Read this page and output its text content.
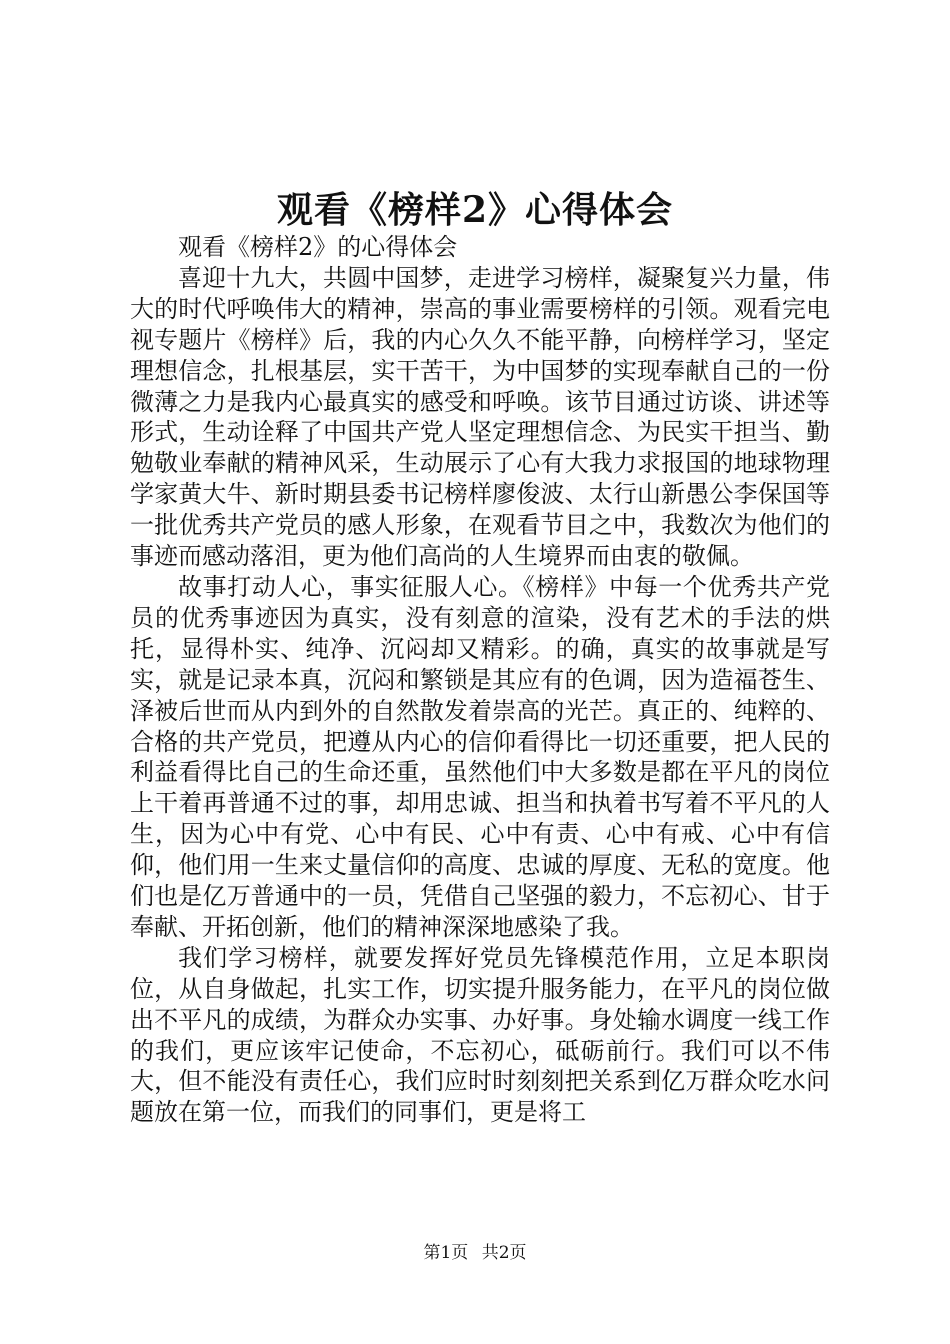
观看《榜样2》心得体会

观看《榜样2》的心得体会

喜迎十九大，共圆中国梦，走进学习榜样，凝聚复兴力量，伟大的时代呼唤伟大的精神，崇高的事业需要榜样的引领。观看完电视专题片《榜样》后，我的内心久久不能平静，向榜样学习，坚定理想信念，扎根基层，实干苦干，为中国梦的实现奉献自己的一份微薄之力是我内心最真实的感受和呼唤。该节目通过访谈、讲述等形式，生动诠释了中国共产党人坚定理想信念、为民实干担当、勤勉敬业奉献的精神风采，生动展示了心有大我力求报国的地球物理学家黄大牛、新时期县委书记榜样廖俊波、太行山新愚公李保国等一批优秀共产党员的感人形象，在观看节目之中，我数次为他们的事迹而感动落泪，更为他们高尚的人生境界而由衷的敬佩。

故事打动人心，事实征服人心。《榜样》中每一个优秀共产党员的优秀事迹因为真实，没有刻意的渲染，没有艺术的手法的烘托，显得朴实、纯净、沉闷却又精彩。的确，真实的故事就是写实，就是记录本真，沉闷和繁锁是其应有的色调，因为造福苍生、泽被后世而从内到外的自然散发着崇高的光芒。真正的、纯粹的、合格的共产党员，把遵从内心的信仰看得比一切还重要，把人民的利益看得比自己的生命还重，虽然他们中大多数是都在平凡的岗位上干着再普通不过的事，却用忠诚、担当和执着书写着不平凡的人生，因为心中有党、心中有民、心中有责、心中有戒、心中有信仰，他们用一生来丈量信仰的高度、忠诚的厚度、无私的宽度。他们也是亿万普通中的一员，凭借自己坚强的毅力，不忘初心、甘于奉献、开拓创新，他们的精神深深地感染了我。

我们学习榜样，就要发挥好党员先锋模范作用，立足本职岗位，从自身做起，扎实工作，切实提升服务能力，在平凡的岗位做出不平凡的成绩，为群众办实事、办好事。身处输水调度一线工作的我们，更应该牢记使命，不忘初心，砥砺前行。我们可以不伟大，但不能没有责任心，我们应时时刻刻把关系到亿万群众吃水问题放在第一位，而我们的同事们，更是将工

第1页 共2页
